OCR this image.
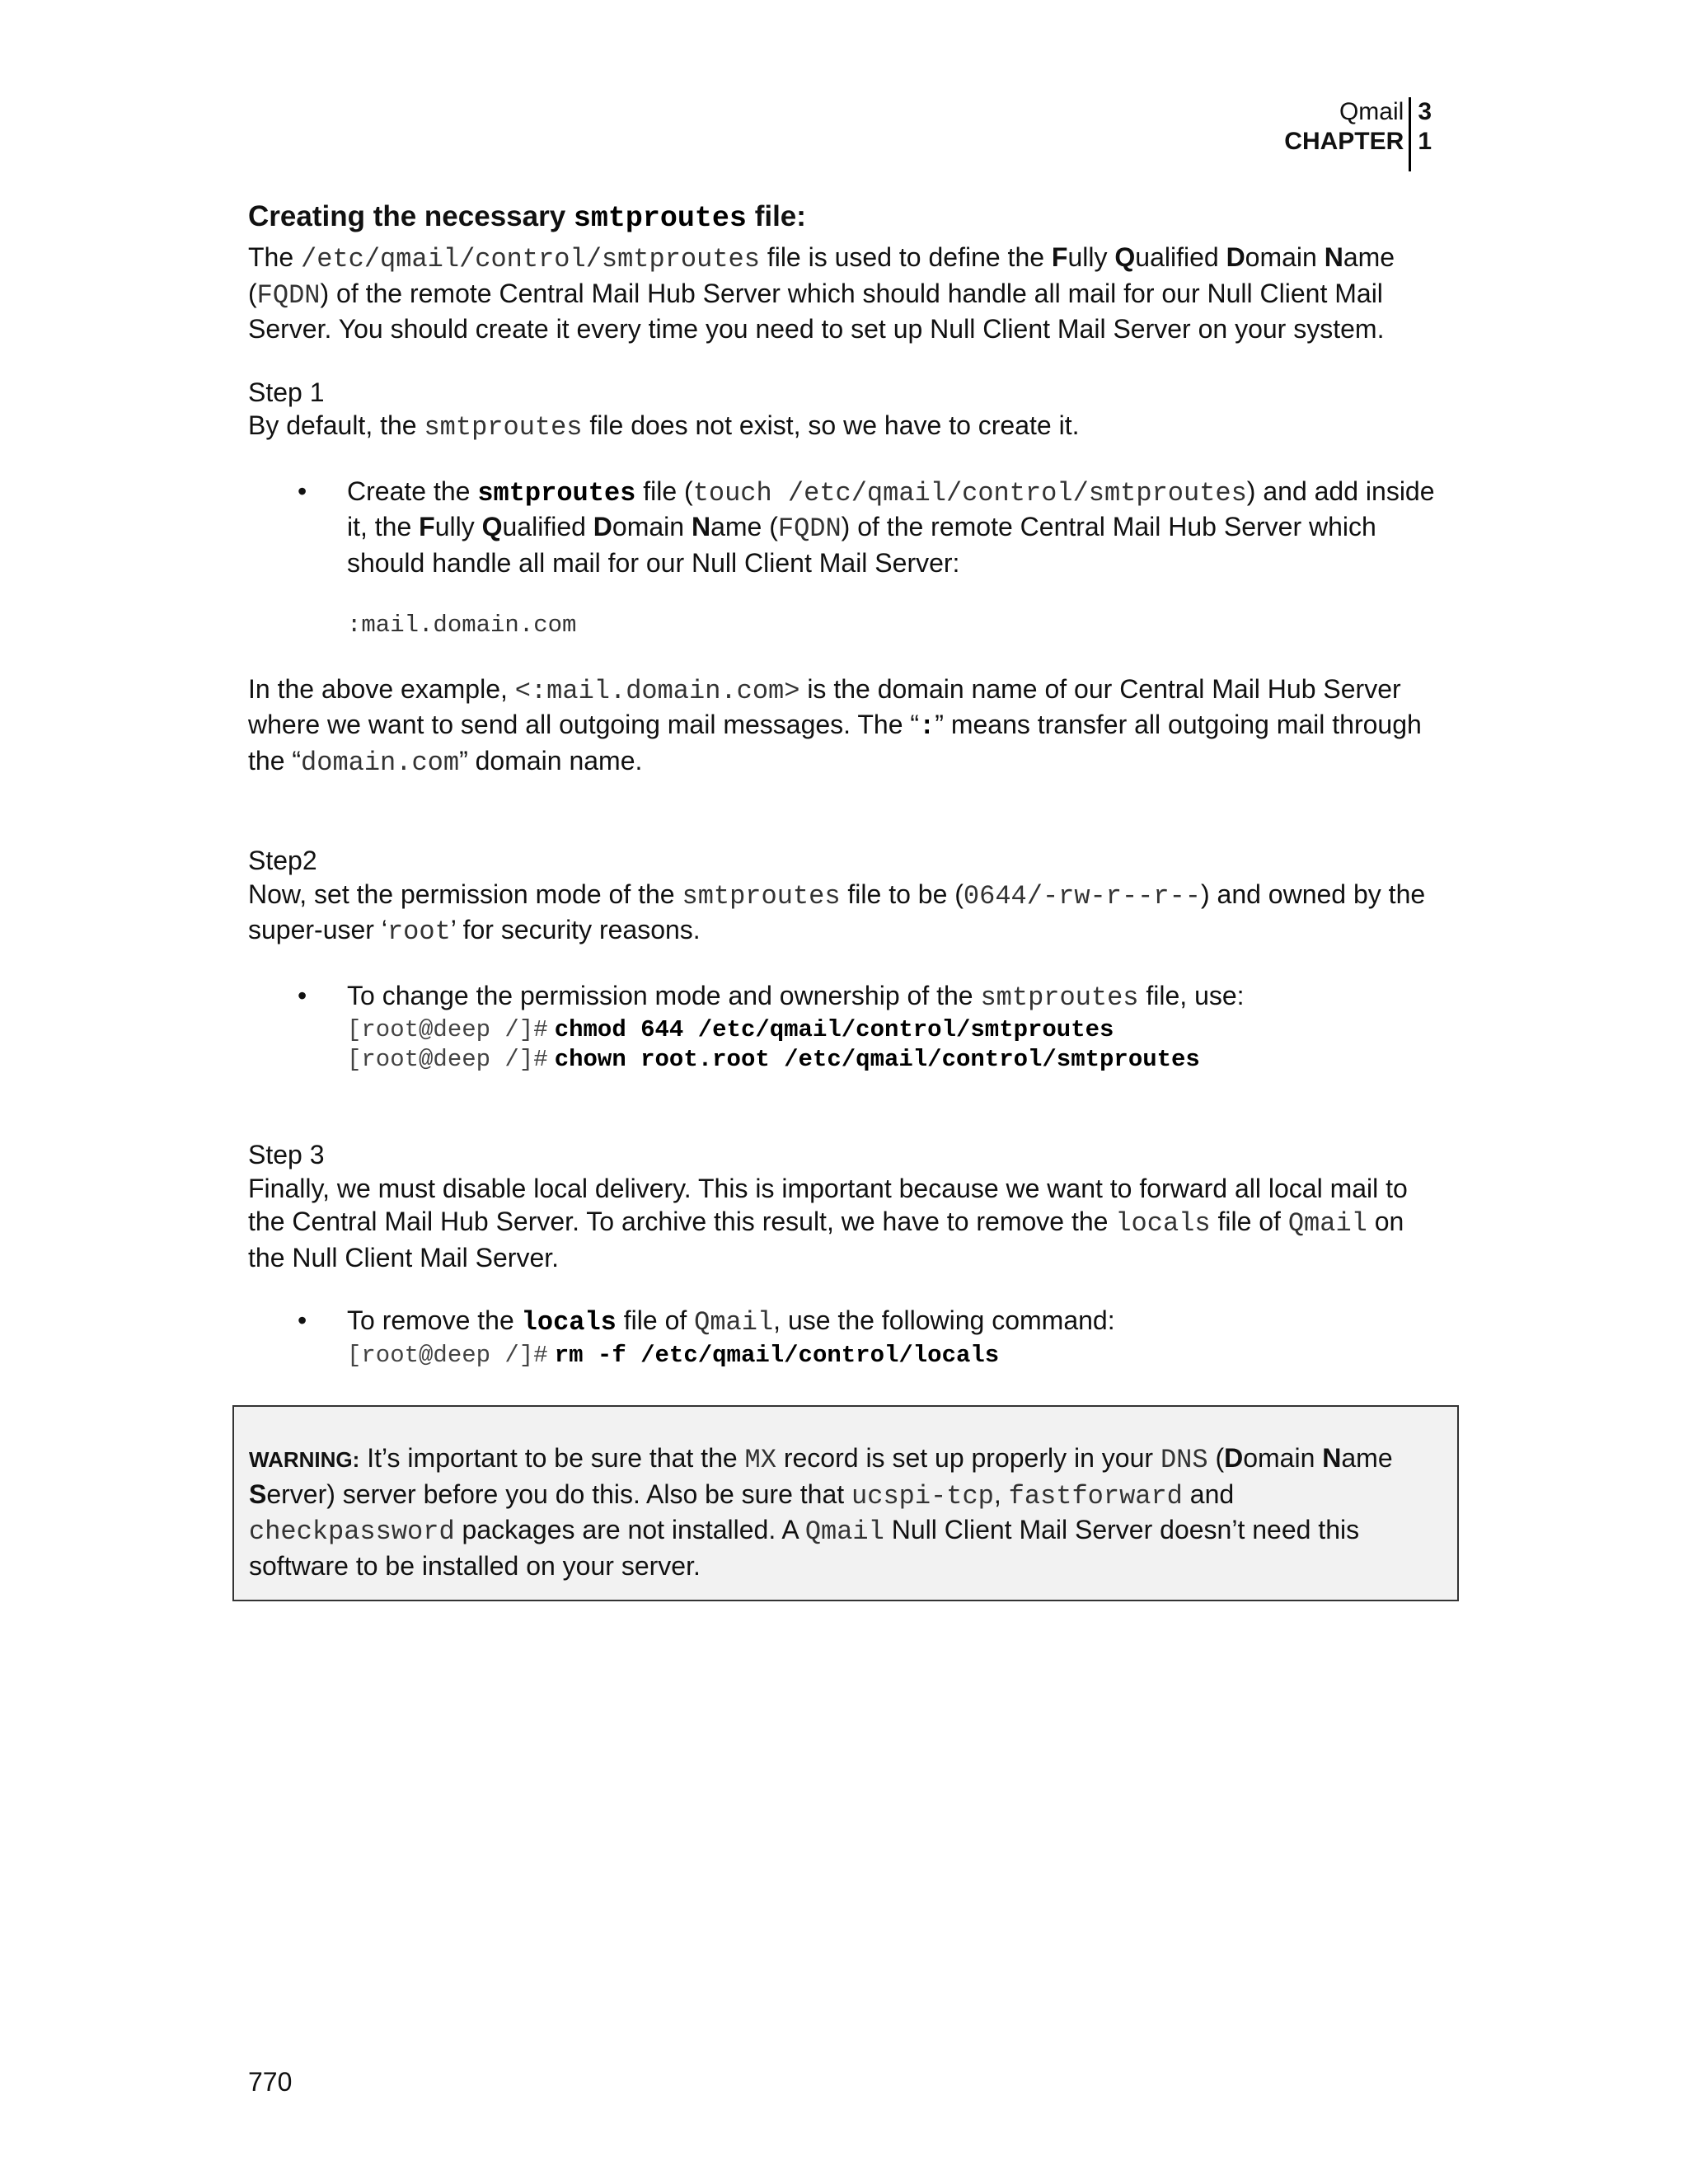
Qmail	3
CHAPTER	1

Creating the necessary smtproutes file:

The /etc/qmail/control/smtproutes file is used to define the Fully Qualified Domain Name (FQDN) of the remote Central Mail Hub Server which should handle all mail for our Null Client Mail Server. You should create it every time you need to set up Null Client Mail Server on your system.

Step 1

By default, the smtproutes file does not exist, so we have to create it.

• Create the smtproutes file (touch /etc/qmail/control/smtproutes) and add inside it, the Fully Qualified Domain Name (FQDN) of the remote Central Mail Hub Server which should handle all mail for our Null Client Mail Server:

:mail.domain.com

In the above example, <:mail.domain.com> is the domain name of our Central Mail Hub Server where we want to send all outgoing mail messages. The “:” means transfer all outgoing mail through the “domain.com” domain name.

Step2

Now, set the permission mode of the smtproutes file to be (0644/-rw-r--r--) and owned by the super-user ‘root’ for security reasons.

• To change the permission mode and ownership of the smtproutes file, use:

[root@deep /]# chmod 644 /etc/qmail/control/smtproutes

[root@deep /]# chown root.root /etc/qmail/control/smtproutes

Step 3

Finally, we must disable local delivery. This is important because we want to forward all local mail to the Central Mail Hub Server. To archive this result, we have to remove the locals file of Qmail on the Null Client Mail Server.

• To remove the locals file of Qmail, use the following command:

[root@deep /]# rm -f /etc/qmail/control/locals

WARNING: It’s important to be sure that the MX record is set up properly in your DNS (Domain Name Server) server before you do this. Also be sure that ucspi-tcp, fastforward and checkpassword packages are not installed. A Qmail Null Client Mail Server doesn’t need this software to be installed on your server.

770
